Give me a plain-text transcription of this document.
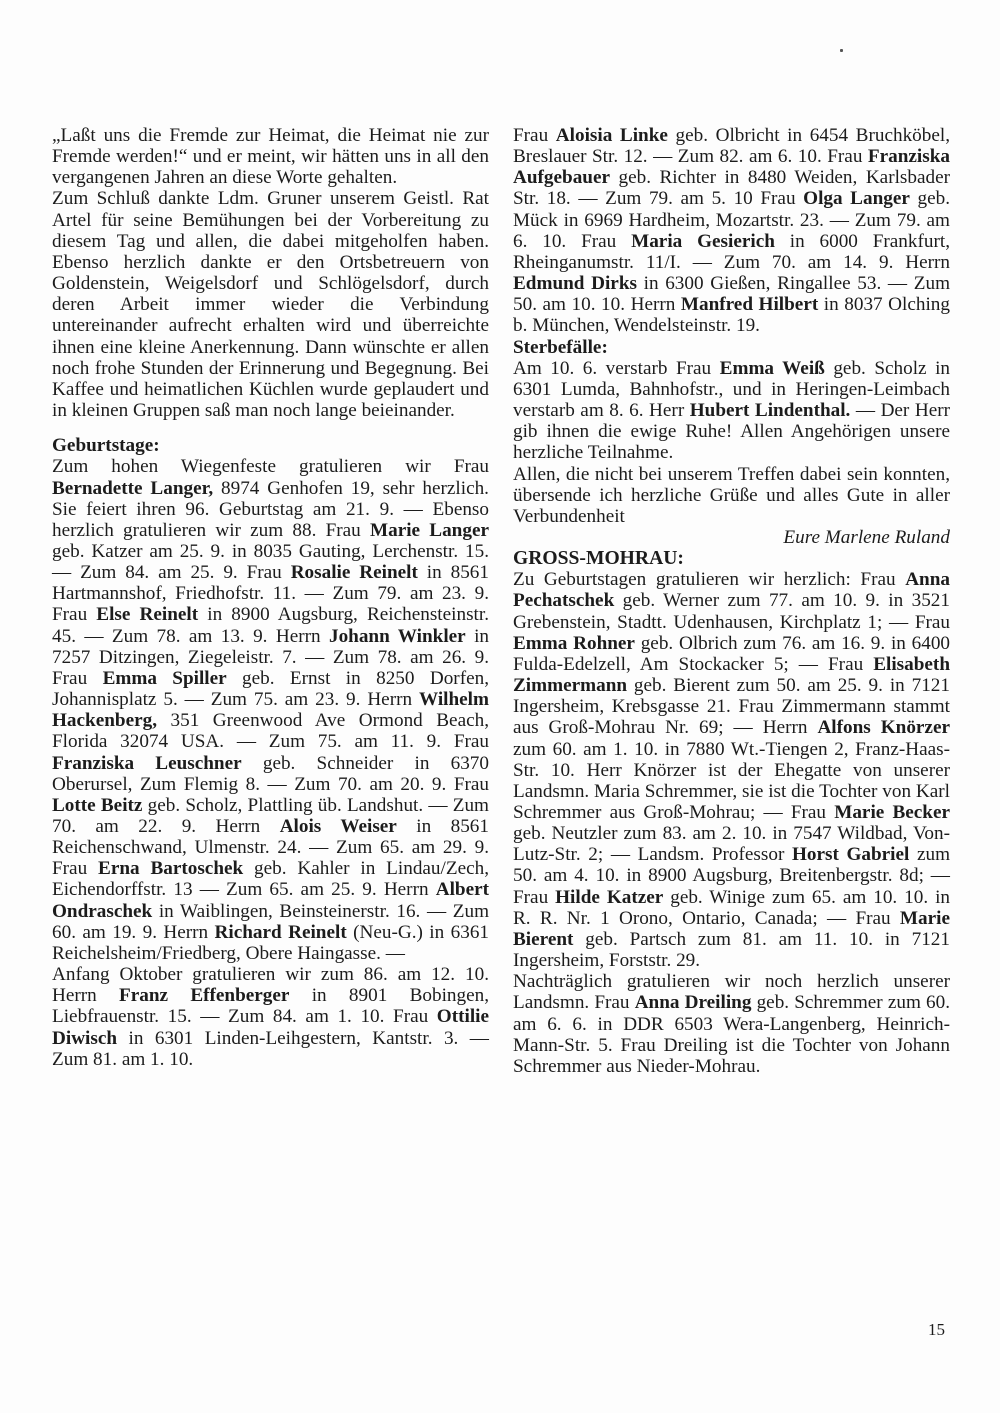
„Laßt uns die Fremde zur Heimat, die Heimat nie zur Fremde werden!“ und er meint, wir hätten uns in all den vergangenen Jahren an diese Worte gehalten.

Zum Schluß dankte Ldm. Gruner unserem Geistl. Rat Artel für seine Bemühungen bei der Vorbereitung zu diesem Tag und allen, die dabei mitgeholfen haben. Ebenso herzlich dankte er den Ortsbetreuern von Goldenstein, Weigelsdorf und Schlögelsdorf, durch deren Arbeit immer wieder die Verbindung untereinander aufrecht erhalten wird und überreichte ihnen eine kleine Anerkennung. Dann wünschte er allen noch frohe Stunden der Erinnerung und Begegnung. Bei Kaffee und heimatlichen Küchlen wurde geplaudert und in kleinen Gruppen saß man noch lange beieinander.

Geburtstage:

Zum hohen Wiegenfeste gratulieren wir Frau Bernadette Langer, 8974 Genhofen 19, sehr herzlich. Sie feiert ihren 96. Geburtstag am 21. 9. — Ebenso herzlich gratulieren wir zum 88. Frau Marie Langer geb. Katzer am 25. 9. in 8035 Gauting, Lerchenstr. 15. — Zum 84. am 25. 9. Frau Rosalie Reinelt in 8561 Hartmannshof, Friedhofstr. 11. — Zum 79. am 23. 9. Frau Else Reinelt in 8900 Augsburg, Reichensteinstr. 45. — Zum 78. am 13. 9. Herrn Johann Winkler in 7257 Ditzingen, Ziegeleistr. 7. — Zum 78. am 26. 9. Frau Emma Spiller geb. Ernst in 8250 Dorfen, Johannisplatz 5. — Zum 75. am 23. 9. Herrn Wilhelm Hackenberg, 351 Greenwood Ave Ormond Beach, Florida 32074 USA. — Zum 75. am 11. 9. Frau Franziska Leuschner geb. Schneider in 6370 Oberursel, Zum Flemig 8. — Zum 70. am 20. 9. Frau Lotte Beitz geb. Scholz, Plattling üb. Landshut. — Zum 70. am 22. 9. Herrn Alois Weiser in 8561 Reichenschwand, Ulmenstr. 24. — Zum 65. am 29. 9. Frau Erna Bartoschek geb. Kahler in Lindau/Zech, Eichendorffstr. 13 — Zum 65. am 25. 9. Herrn Albert Ondraschek in Waiblingen, Beinsteinerstr. 16. — Zum 60. am 19. 9. Herrn Richard Reinelt (Neu-G.) in 6361 Reichelsheim/Friedberg, Obere Haingasse. —

Anfang Oktober gratulieren wir zum 86. am 12. 10. Herrn Franz Effenberger in 8901 Bobingen, Liebfrauenstr. 15. — Zum 84. am 1. 10. Frau Ottilie Diwisch in 6301 Linden-Leihgestern, Kantstr. 3. — Zum 81. am 1. 10.

Frau Aloisia Linke geb. Olbricht in 6454 Bruchköbel, Breslauer Str. 12. — Zum 82. am 6. 10. Frau Franziska Aufgebauer geb. Richter in 8480 Weiden, Karlsbader Str. 18. — Zum 79. am 5. 10 Frau Olga Langer geb. Mück in 6969 Hardheim, Mozartstr. 23. — Zum 79. am 6. 10. Frau Maria Gesierich in 6000 Frankfurt, Rheinganumstr. 11/I. — Zum 70. am 14. 9. Herrn Edmund Dirks in 6300 Gießen, Ringallee 53. — Zum 50. am 10. 10. Herrn Manfred Hilbert in 8037 Olching b. München, Wendelsteinstr. 19.

Sterbefälle:

Am 10. 6. verstarb Frau Emma Weiß geb. Scholz in 6301 Lumda, Bahnhofstr., und in Heringen-Leimbach verstarb am 8. 6. Herr Hubert Lindenthal. — Der Herr gib ihnen die ewige Ruhe! Allen Angehörigen unsere herzliche Teilnahme.

Allen, die nicht bei unserem Treffen dabei sein konnten, übersende ich herzliche Grüße und alles Gute in aller Verbundenheit

Eure Marlene Ruland

GROSS-MOHRAU:

Zu Geburtstagen gratulieren wir herzlich: Frau Anna Pechatschek geb. Werner zum 77. am 10. 9. in 3521 Grebenstein, Stadtt. Udenhausen, Kirchplatz 1; — Frau Emma Rohner geb. Olbrich zum 76. am 16. 9. in 6400 Fulda-Edelzell, Am Stockacker 5; — Frau Elisabeth Zimmermann geb. Bierent zum 50. am 25. 9. in 7121 Ingersheim, Krebsgasse 21. Frau Zimmermann stammt aus Groß-Mohrau Nr. 69; — Herrn Alfons Knörzer zum 60. am 1. 10. in 7880 Wt.-Tiengen 2, Franz-Haas-Str. 10. Herr Knörzer ist der Ehegatte von unserer Landsmn. Maria Schremmer, sie ist die Tochter von Karl Schremmer aus Groß-Mohrau; — Frau Marie Becker geb. Neutzler zum 83. am 2. 10. in 7547 Wildbad, Von-Lutz-Str. 2; — Landsm. Professor Horst Gabriel zum 50. am 4. 10. in 8900 Augsburg, Breitenbergstr. 8d; — Frau Hilde Katzer geb. Winige zum 65. am 10. 10. in R. R. Nr. 1 Orono, Ontario, Canada; — Frau Marie Bierent geb. Partsch zum 81. am 11. 10. in 7121 Ingersheim, Forststr. 29.

Nachträglich gratulieren wir noch herzlich unserer Landsmn. Frau Anna Dreiling geb. Schremmer zum 60. am 6. 6. in DDR 6503 Wera-Langenberg, Heinrich-Mann-Str. 5. Frau Dreiling ist die Tochter von Johann Schremmer aus Nieder-Mohrau.

15
